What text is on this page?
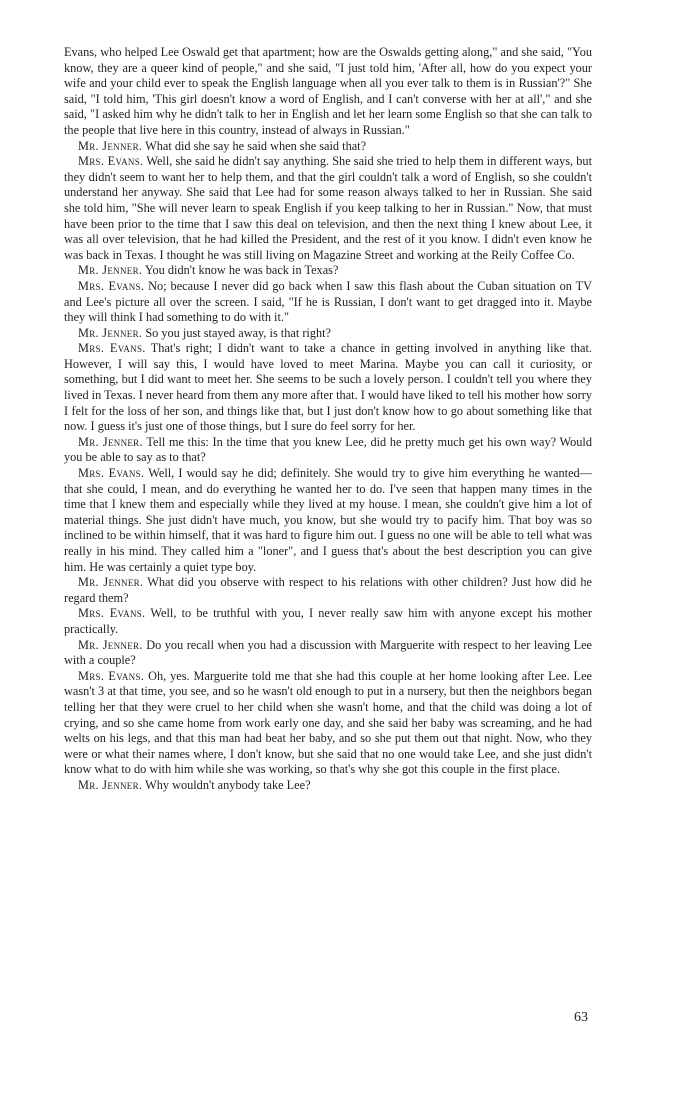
Evans, who helped Lee Oswald get that apartment; how are the Oswalds getting along," and she said, "You know, they are a queer kind of people," and she said, "I just told him, 'After all, how do you expect your wife and your child ever to speak the English language when all you ever talk to them is in Russian'?" She said, "I told him, 'This girl doesn't know a word of English, and I can't converse with her at all'," and she said, "I asked him why he didn't talk to her in English and let her learn some English so that she can talk to the people that live here in this country, instead of always in Russian."

Mr. Jenner. What did she say he said when she said that?

Mrs. Evans. Well, she said he didn't say anything. She said she tried to help them in different ways, but they didn't seem to want her to help them, and that the girl couldn't talk a word of English, so she couldn't understand her anyway. She said that Lee had for some reason always talked to her in Russian. She said she told him, "She will never learn to speak English if you keep talking to her in Russian." Now, that must have been prior to the time that I saw this deal on television, and then the next thing I knew about Lee, it was all over television, that he had killed the President, and the rest of it you know. I didn't even know he was back in Texas. I thought he was still living on Magazine Street and working at the Reily Coffee Co.

Mr. Jenner. You didn't know he was back in Texas?

Mrs. Evans. No; because I never did go back when I saw this flash about the Cuban situation on TV and Lee's picture all over the screen. I said, "If he is Russian, I don't want to get dragged into it. Maybe they will think I had something to do with it."

Mr. Jenner. So you just stayed away, is that right?

Mrs. Evans. That's right; I didn't want to take a chance in getting involved in anything like that. However, I will say this, I would have loved to meet Marina. Maybe you can call it curiosity, or something, but I did want to meet her. She seems to be such a lovely person. I couldn't tell you where they lived in Texas. I never heard from them any more after that. I would have liked to tell his mother how sorry I felt for the loss of her son, and things like that, but I just don't know how to go about something like that now. I guess it's just one of those things, but I sure do feel sorry for her.

Mr. Jenner. Tell me this: In the time that you knew Lee, did he pretty much get his own way? Would you be able to say as to that?

Mrs. Evans. Well, I would say he did; definitely. She would try to give him everything he wanted—that she could, I mean, and do everything he wanted her to do. I've seen that happen many times in the time that I knew them and especially while they lived at my house. I mean, she couldn't give him a lot of material things. She just didn't have much, you know, but she would try to pacify him. That boy was so inclined to be within himself, that it was hard to figure him out. I guess no one will be able to tell what was really in his mind. They called him a "loner", and I guess that's about the best description you can give him. He was certainly a quiet type boy.

Mr. Jenner. What did you observe with respect to his relations with other children? Just how did he regard them?

Mrs. Evans. Well, to be truthful with you, I never really saw him with anyone except his mother practically.

Mr. Jenner. Do you recall when you had a discussion with Marguerite with respect to her leaving Lee with a couple?

Mrs. Evans. Oh, yes. Marguerite told me that she had this couple at her home looking after Lee. Lee wasn't 3 at that time, you see, and so he wasn't old enough to put in a nursery, but then the neighbors began telling her that they were cruel to her child when she wasn't home, and that the child was doing a lot of crying, and so she came home from work early one day, and she said her baby was screaming, and he had welts on his legs, and that this man had beat her baby, and so she put them out that night. Now, who they were or what their names where, I don't know, but she said that no one would take Lee, and she just didn't know what to do with him while she was working, so that's why she got this couple in the first place.

Mr. Jenner. Why wouldn't anybody take Lee?

63
